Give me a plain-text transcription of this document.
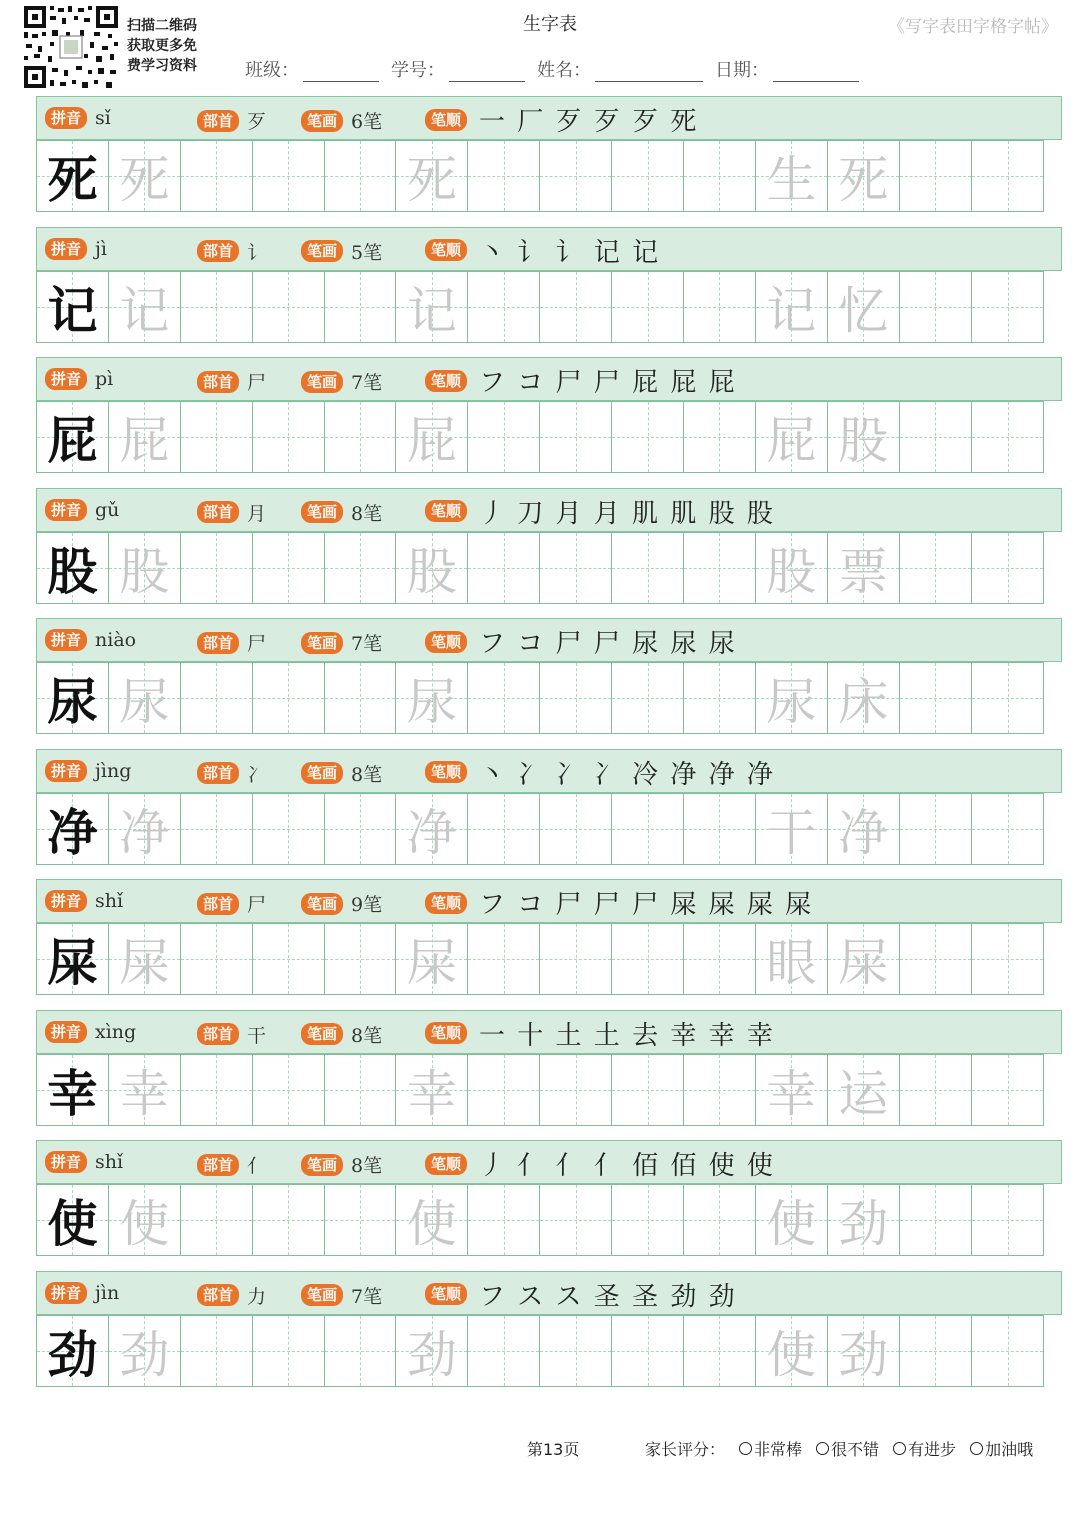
扫描二维码
获取更多免
费学习资料
生字表	《写字表田字格字帖》
班级：	学号：	姓名：	日期：
拼音 sǐ	部首 歹	笔画 6笔	笔顺 一 厂 歹 歹 歹 死
死 死	死	生 死
拼音 jì	部首 讠	笔画 5笔	笔顺 丶 讠 讠 记 记
记 记	记	记 忆
拼音 pì	部首 尸	笔画 7笔	笔顺 フ コ 尸 尸 屁 屁 屁
屁 屁	屁	屁 股
拼音 gǔ	部首 月	笔画 8笔	笔顺 丿 刀 月 月 肌 肌 股 股
股 股	股	股 票
拼音 niào	部首 尸	笔画 7笔	笔顺 フ コ 尸 尸 尿 尿 尿
尿 尿	尿	尿 床
拼音 jìng	部首 冫	笔画 8笔	笔顺 丶 冫 冫 冫 冷 净 净 净
净 净	净	干 净
拼音 shǐ	部首 尸	笔画 9笔	笔顺 フ コ 尸 尸 尸 屎 屎 屎 屎
屎 屎	屎	眼 屎
拼音 xìng	部首 干	笔画 8笔	笔顺 一 十 土 土 去 幸 幸 幸
幸 幸	幸	幸 运
拼音 shǐ	部首 亻	笔画 8笔	笔顺 丿 亻 亻 亻 佰 佰 使 使
使 使	使	使 劲
拼音 jìn	部首 力	笔画 7笔	笔顺 フ ス ス 圣 圣 劲 劲
劲 劲	劲	使 劲
第13页	家长评分： 非常棒 很不错 有进步 加油哦
